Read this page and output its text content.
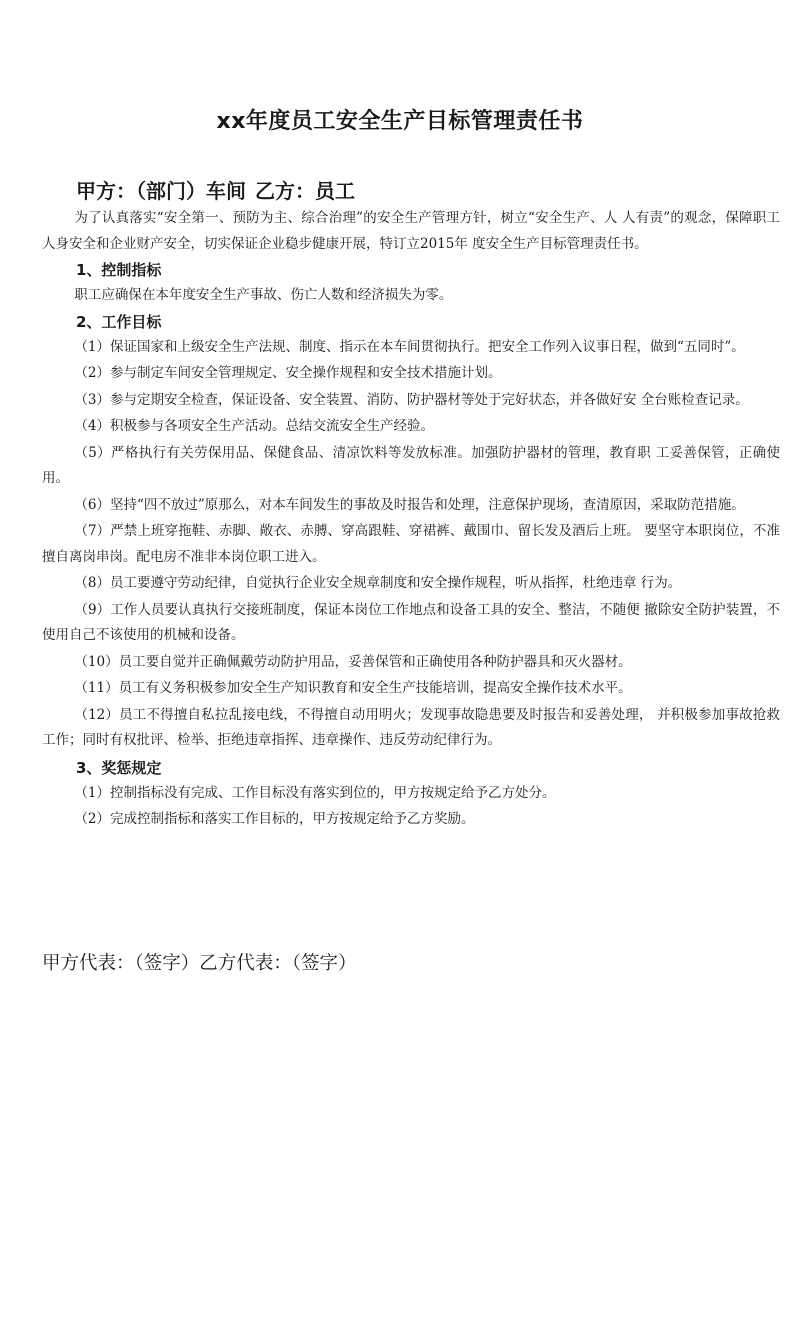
xx年度员工安全生产目标管理责任书
甲方：（部门）车间 乙方：员工

为了认真落实“安全第一、预防为主、综合治理”的安全生产管理方针，树立“安全生产、人 人有责”的观念，保障职工人身安全和企业财产安全，切实保证企业稳步健康开展，特订立2015年 度安全生产目标管理责任书。

1、控制指标

职工应确保在本年度安全生产事故、伤亡人数和经济损失为零。

2、工作目标

（1）保证国家和上级安全生产法规、制度、指示在本车间贯彻执行。把安全工作列入议事日程，做到“五同时”。

（2）参与制定车间安全管理规定、安全操作规程和安全技术措施计划。

（3）参与定期安全检查，保证设备、安全装置、消防、防护器材等处于完好状态，并各做好安 全台账检查记录。

（4）积极参与各项安全生产活动。总结交流安全生产经验。

（5）严格执行有关劳保用品、保健食品、清凉饮料等发放标准。加强防护器材的管理，教育职 工妥善保管，正确使用。

（6）坚持“四不放过”原那么，对本车间发生的事故及时报告和处理，注意保护现场，查清原因，采取防范措施。

（7）严禁上班穿拖鞋、赤脚、敞衣、赤膊、穿高跟鞋、穿裙裤、戴围巾、留长发及酒后上班。 要坚守本职岗位，不准擅自离岗串岗。配电房不准非本岗位职工进入。

（8）员工要遵守劳动纪律，自觉执行企业安全规章制度和安全操作规程，听从指挥，杜绝违章 行为。

（9）工作人员要认真执行交接班制度，保证本岗位工作地点和设备工具的安全、整洁，不随便 撤除安全防护装置，不使用自己不该使用的机械和设备。

（10）员工要自觉并正确佩戴劳动防护用品，妥善保管和正确使用各种防护器具和灭火器材。

（11）员工有义务积极参加安全生产知识教育和安全生产技能培训，提高安全操作技术水平。

（12）员工不得擅自私拉乱接电线，不得擅自动用明火；发现事故隐患要及时报告和妥善处理， 并积极参加事故抢救工作；同时有权批评、检举、拒绝违章指挥、违章操作、违反劳动纪律行为。

3、奖惩规定

（1）控制指标没有完成、工作目标没有落实到位的，甲方按规定给予乙方处分。

（2）完成控制指标和落实工作目标的，甲方按规定给予乙方奖励。

甲方代表：（签字）乙方代表：（签字）
